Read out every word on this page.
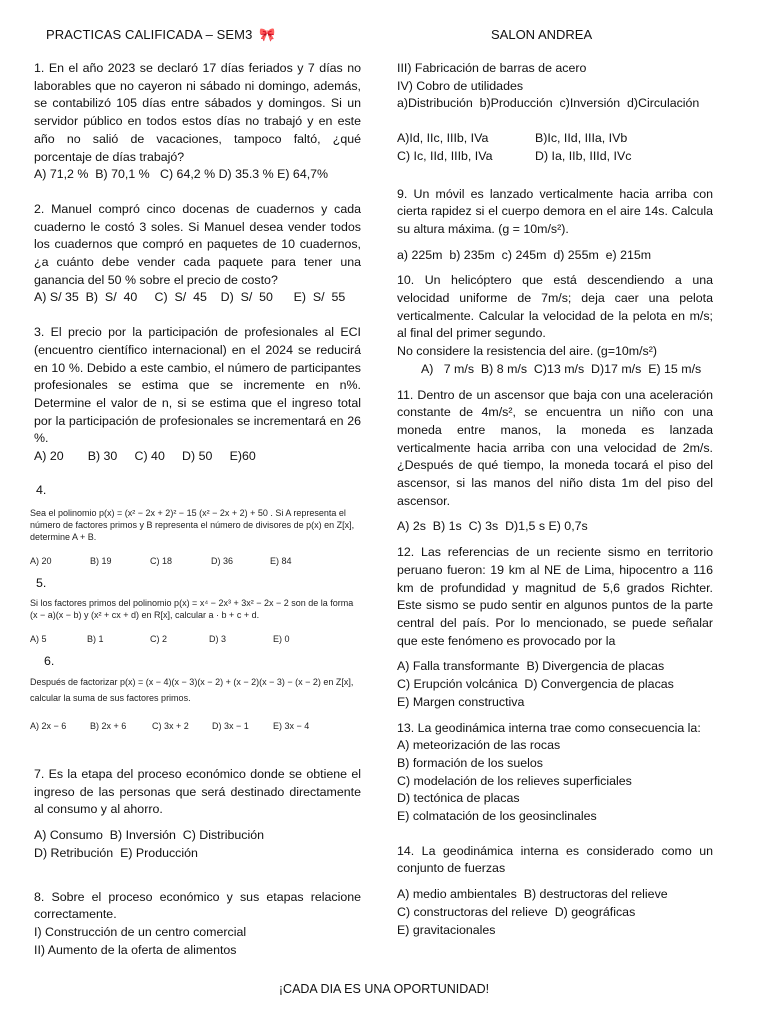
PRACTICAS CALIFICADA – SEM3 🎀	SALON ANDREA

1. En el año 2023 se declaró 17 días feriados y 7 días no laborables que no cayeron ni sábado ni domingo, además, se contabilizó 105 días entre sábados y domingos. Si un servidor público en todos estos días no trabajó y en este año no salió de vacaciones, tampoco faltó, ¿qué porcentaje de días trabajó?

A) 71,2 %  B) 70,1 %   C) 64,2 % D) 35.3 % E) 64,7%

2. Manuel compró cinco docenas de cuadernos y cada cuaderno le costó 3 soles. Si Manuel desea vender todos los cuadernos que compró en paquetes de 10 cuadernos, ¿a cuánto debe vender cada paquete para tener una ganancia del 50 % sobre el precio de costo?

A) S/ 35  B)  S/  40     C)  S/  45    D)  S/  50      E)  S/  55

3. El precio por la participación de profesionales al ECI (encuentro científico internacional) en el 2024 se reducirá en 10 %. Debido a este cambio, el número de participantes profesionales se estima que se incremente en n%. Determine el valor de n, si se estima que el ingreso total por la participación de profesionales se incrementará en 26 %.

A) 20       B) 30     C) 40     D) 50     E)60

4.
Sea el polinomio p(x) = (x² − 2x + 2)² − 15 (x² − 2x + 2) + 50 . Si A representa el número de factores primos y B representa el número de divisores de p(x) en Z[x], determine A + B.
A) 20	B) 19	C) 18	D) 36	E) 84
5.
Si los factores primos del polinomio p(x) = x⁴ − 2x³ + 3x² − 2x − 2 son de la forma (x − a)(x − b) y (x² + cx + d) en R[x], calcular a · b + c + d.
A) 5	B) 1	C) 2	D) 3	E) 0
6.
Después de factorizar p(x) = (x − 4)(x − 3)(x − 2) + (x − 2)(x − 3) − (x − 2) en Z[x], calcular la suma de sus factores primos.
A) 2x − 6	B) 2x + 6	C) 3x + 2	D) 3x − 1	E) 3x − 4

7. Es la etapa del proceso económico donde se obtiene el ingreso de las personas que será destinado directamente al consumo y al ahorro.

A) Consumo  B) Inversión  C) Distribución

D) Retribución  E) Producción

8. Sobre el proceso económico y sus etapas relacione correctamente.

I) Construcción de un centro comercial

II) Aumento de la oferta de alimentos

III) Fabricación de barras de acero

IV) Cobro de utilidades

a)Distribución  b)Producción  c)Inversión  d)Circulación

A)Id, IIc, IIIb, IVa	B)Ic, IId, IIIa, IVb
C) Ic, IId, IIIb, IVa	D) Ia, IIb, IIId, IVc

9. Un móvil es lanzado verticalmente hacia arriba con cierta rapidez si el cuerpo demora en el aire 14s. Calcula su altura máxima. (g = 10m/s²).

a) 225m  b) 235m  c) 245m  d) 255m  e) 215m

10. Un helicóptero que está descendiendo a una velocidad uniforme de 7m/s; deja caer una pelota verticalmente. Calcular la velocidad de la pelota en m/s; al final del primer segundo.

No considere la resistencia del aire. (g=10m/s²)

A)   7 m/s  B) 8 m/s  C)13 m/s  D)17 m/s  E) 15 m/s

11. Dentro de un ascensor que baja con una aceleración constante de 4m/s², se encuentra un niño con una moneda entre manos, la moneda es lanzada verticalmente hacia arriba con una velocidad de 2m/s. ¿Después de qué tiempo, la moneda tocará el piso del ascensor, si las manos del niño dista 1m del piso del ascensor.

A) 2s  B) 1s  C) 3s  D)1,5 s E) 0,7s

12. Las referencias de un reciente sismo en territorio peruano fueron: 19 km al NE de Lima, hipocentro a 116 km de profundidad y magnitud de 5,6 grados Richter. Este sismo se pudo sentir en algunos puntos de la parte central del país. Por lo mencionado, se puede señalar que este fenómeno es provocado por la

A) Falla transformante  B) Divergencia de placas

C) Erupción volcánica  D) Convergencia de placas

E) Margen constructiva

13. La geodinámica interna trae como consecuencia la:

A) meteorización de las rocas

B) formación de los suelos

C) modelación de los relieves superficiales

D) tectónica de placas

E) colmatación de los geosinclinales

14. La geodinámica interna es considerado como un conjunto de fuerzas

A) medio ambientales  B) destructoras del relieve

C) constructoras del relieve  D) geográficas

E) gravitacionales

¡CADA DIA ES UNA OPORTUNIDAD!
